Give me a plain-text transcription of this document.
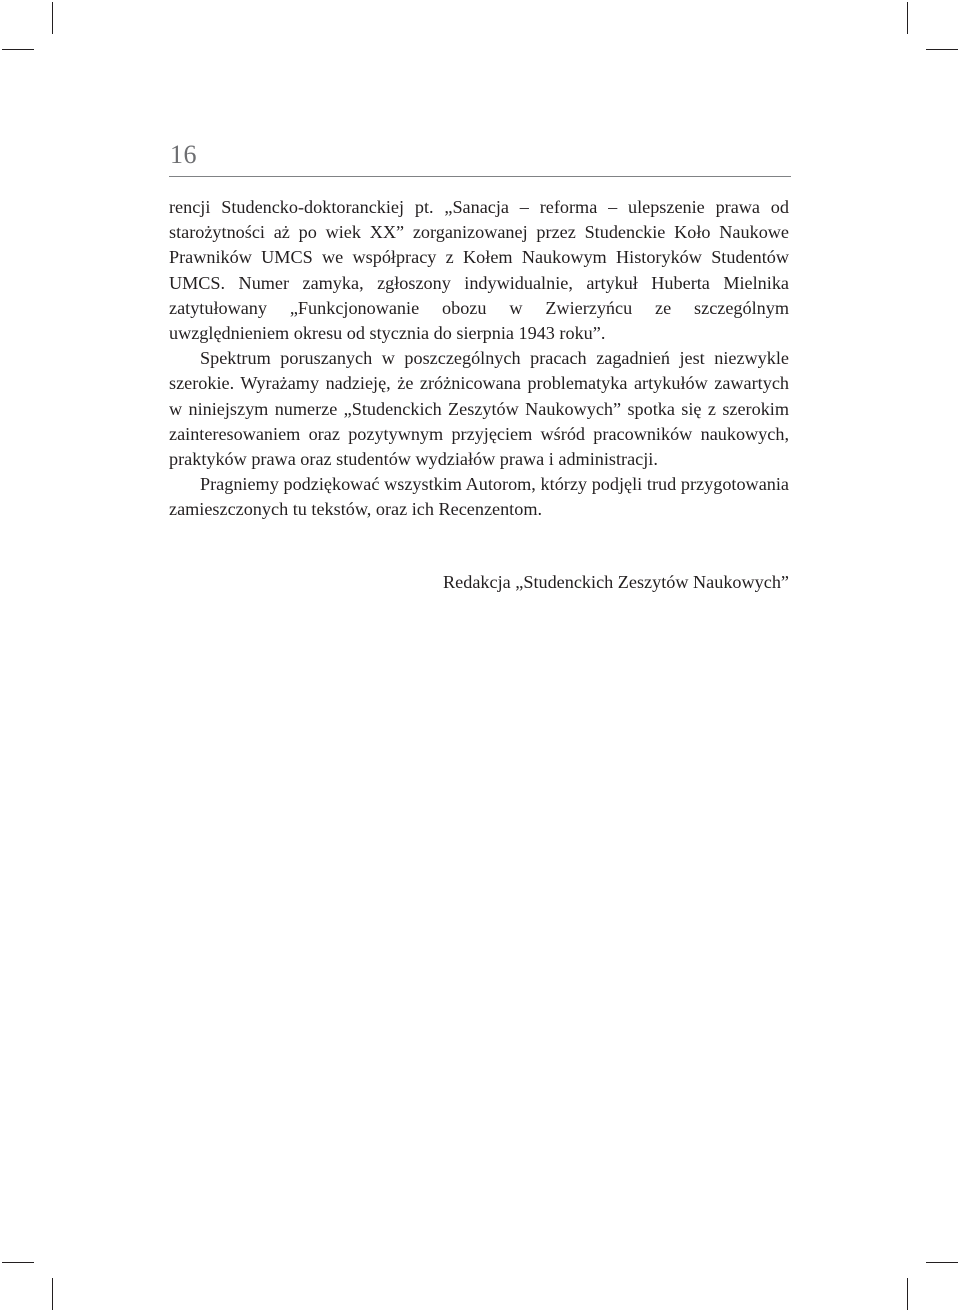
16

rencji Studencko-doktoranckiej pt. „Sanacja – reforma – ulepszenie prawa od starożytności aż po wiek XX” zorganizowanej przez Studenckie Koło Naukowe Prawników UMCS we współpracy z Kołem Naukowym Historyków Studentów UMCS. Numer zamyka, zgłoszony indywidualnie, artykuł Huberta Mielnika zatytułowany „Funkcjonowanie obozu w Zwierzyńcu ze szczególnym uwzględnieniem okresu od stycznia do sierpnia 1943 roku”.

Spektrum poruszanych w poszczególnych pracach zagadnień jest niezwykle szerokie. Wyrażamy nadzieję, że zróżnicowana problematyka artykułów zawartych w niniejszym numerze „Studenckich Zeszytów Naukowych” spotka się z szerokim zainteresowaniem oraz pozytywnym przyjęciem wśród pracowników naukowych, praktyków prawa oraz studentów wydziałów prawa i administracji.

Pragniemy podziękować wszystkim Autorom, którzy podjęli trud przygotowania zamieszczonych tu tekstów, oraz ich Recenzentom.

Redakcja „Studenckich Zeszytów Naukowych”
